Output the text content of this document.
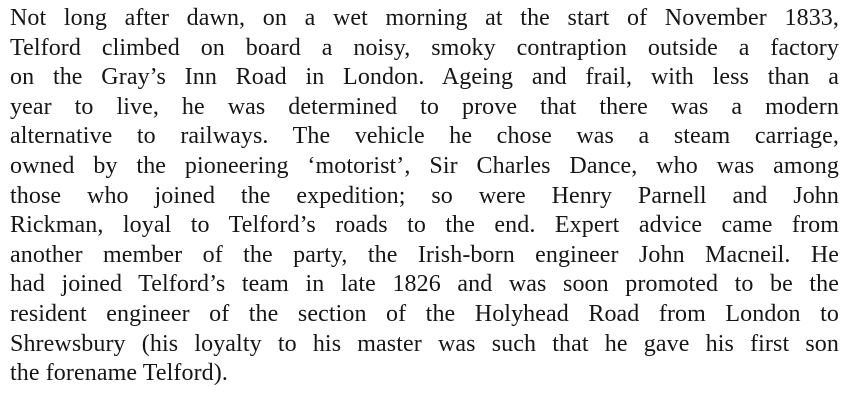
Not long after dawn, on a wet morning at the start of November 1833,
Telford climbed on board a noisy, smoky contraption outside a factory
on the Gray’s Inn Road in London. Ageing and frail, with less than a
year to live, he was determined to prove that there was a modern
alternative to railways. The vehicle he chose was a steam carriage,
owned by the pioneering ‘motorist’, Sir Charles Dance, who was among
those who joined the expedition; so were Henry Parnell and John
Rickman, loyal to Telford’s roads to the end. Expert advice came from
another member of the party, the Irish-born engineer John Macneil. He
had joined Telford’s team in late 1826 and was soon promoted to be the
resident engineer of the section of the Holyhead Road from London to
Shrewsbury (his loyalty to his master was such that he gave his first son
the forename Telford).
